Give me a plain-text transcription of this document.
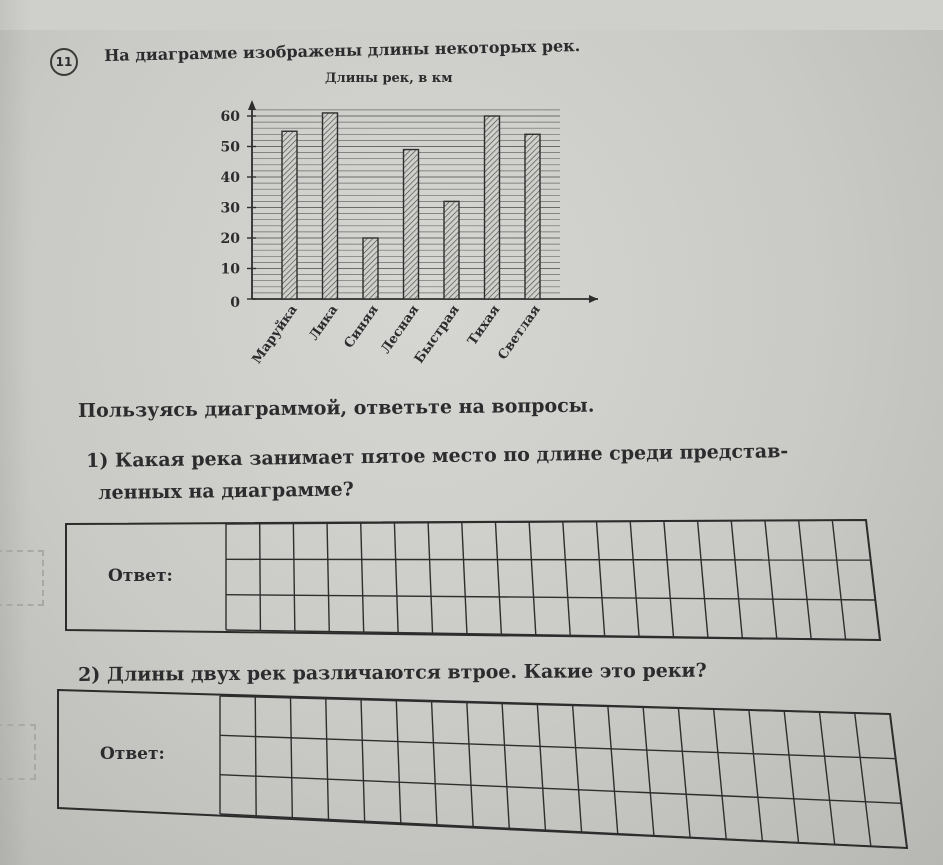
11	На диаграмме изображены длины некоторых рек.
Длины рек, в км
0
10
20
30
40
50
60
Маруйка Лика Синяя
Лесная
Быстрая Тихая
Светлая
Пользуясь диаграммой, ответьте на вопросы.
1) Какая река занимает пятое место по длине среди представ-
ленных на диаграмме?
Ответ:
2) Длины двух рек различаются втрое. Какие это реки?
Ответ:
